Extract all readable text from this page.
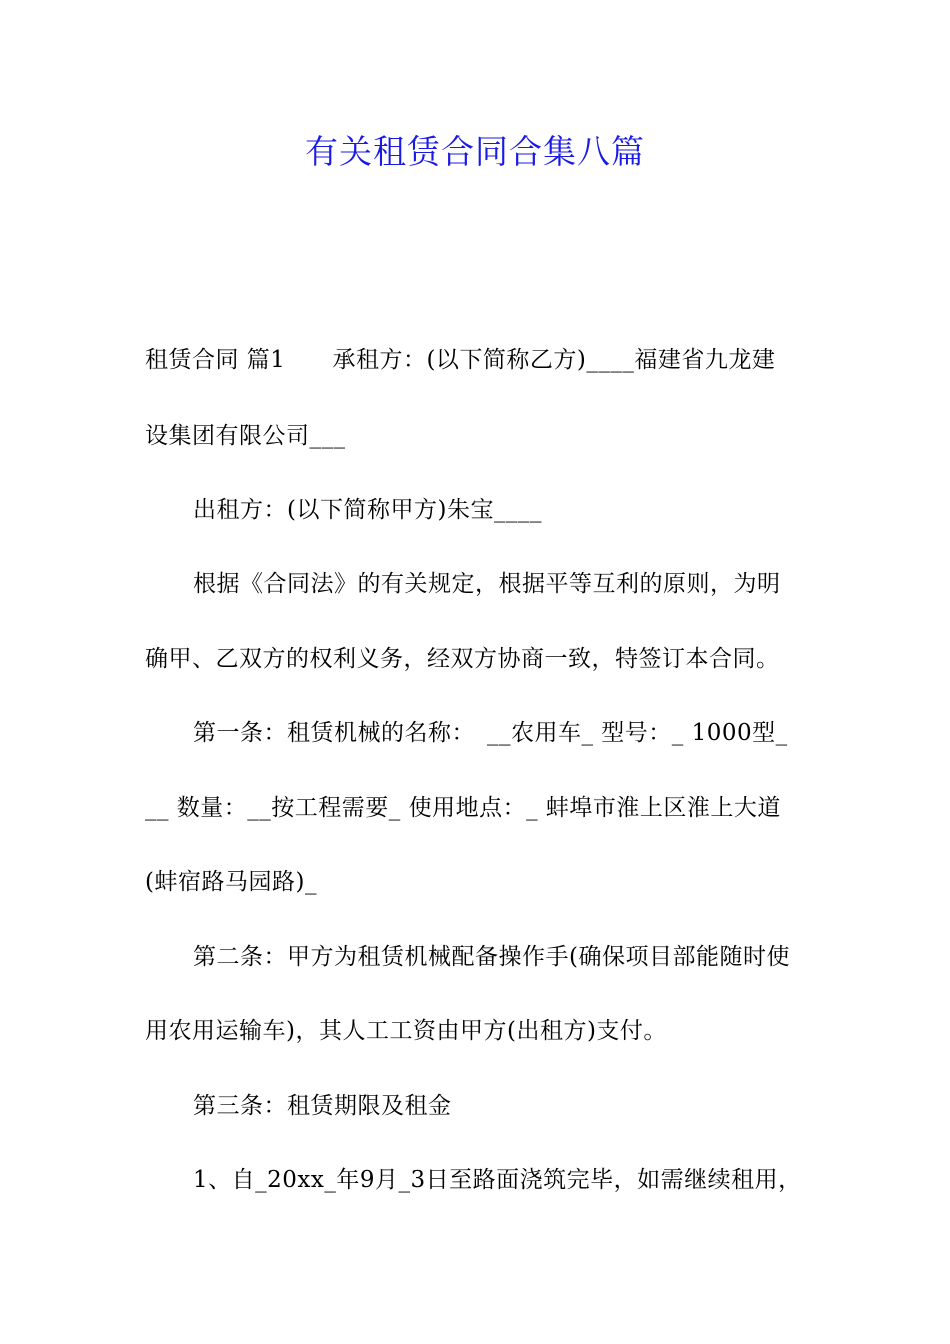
有关租赁合同合集八篇
租赁合同 篇1　　承租方：(以下简称乙方)____福建省九龙建
设集团有限公司___
出租方：(以下简称甲方)朱宝____
根据《合同法》的有关规定，根据平等互利的原则，为明
确甲、乙双方的权利义务，经双方协商一致，特签订本合同。
第一条：租赁机械的名称：　__农用车_ 型号：_ 1000型_
__ 数量：__按工程需要_ 使用地点：_ 蚌埠市淮上区淮上大道
(蚌宿路马园路)_
第二条：甲方为租赁机械配备操作手(确保项目部能随时使
用农用运输车)，其人工工资由甲方(出租方)支付。
第三条：租赁期限及租金
1、自_20xx_年9月_3日至路面浇筑完毕，如需继续租用，
